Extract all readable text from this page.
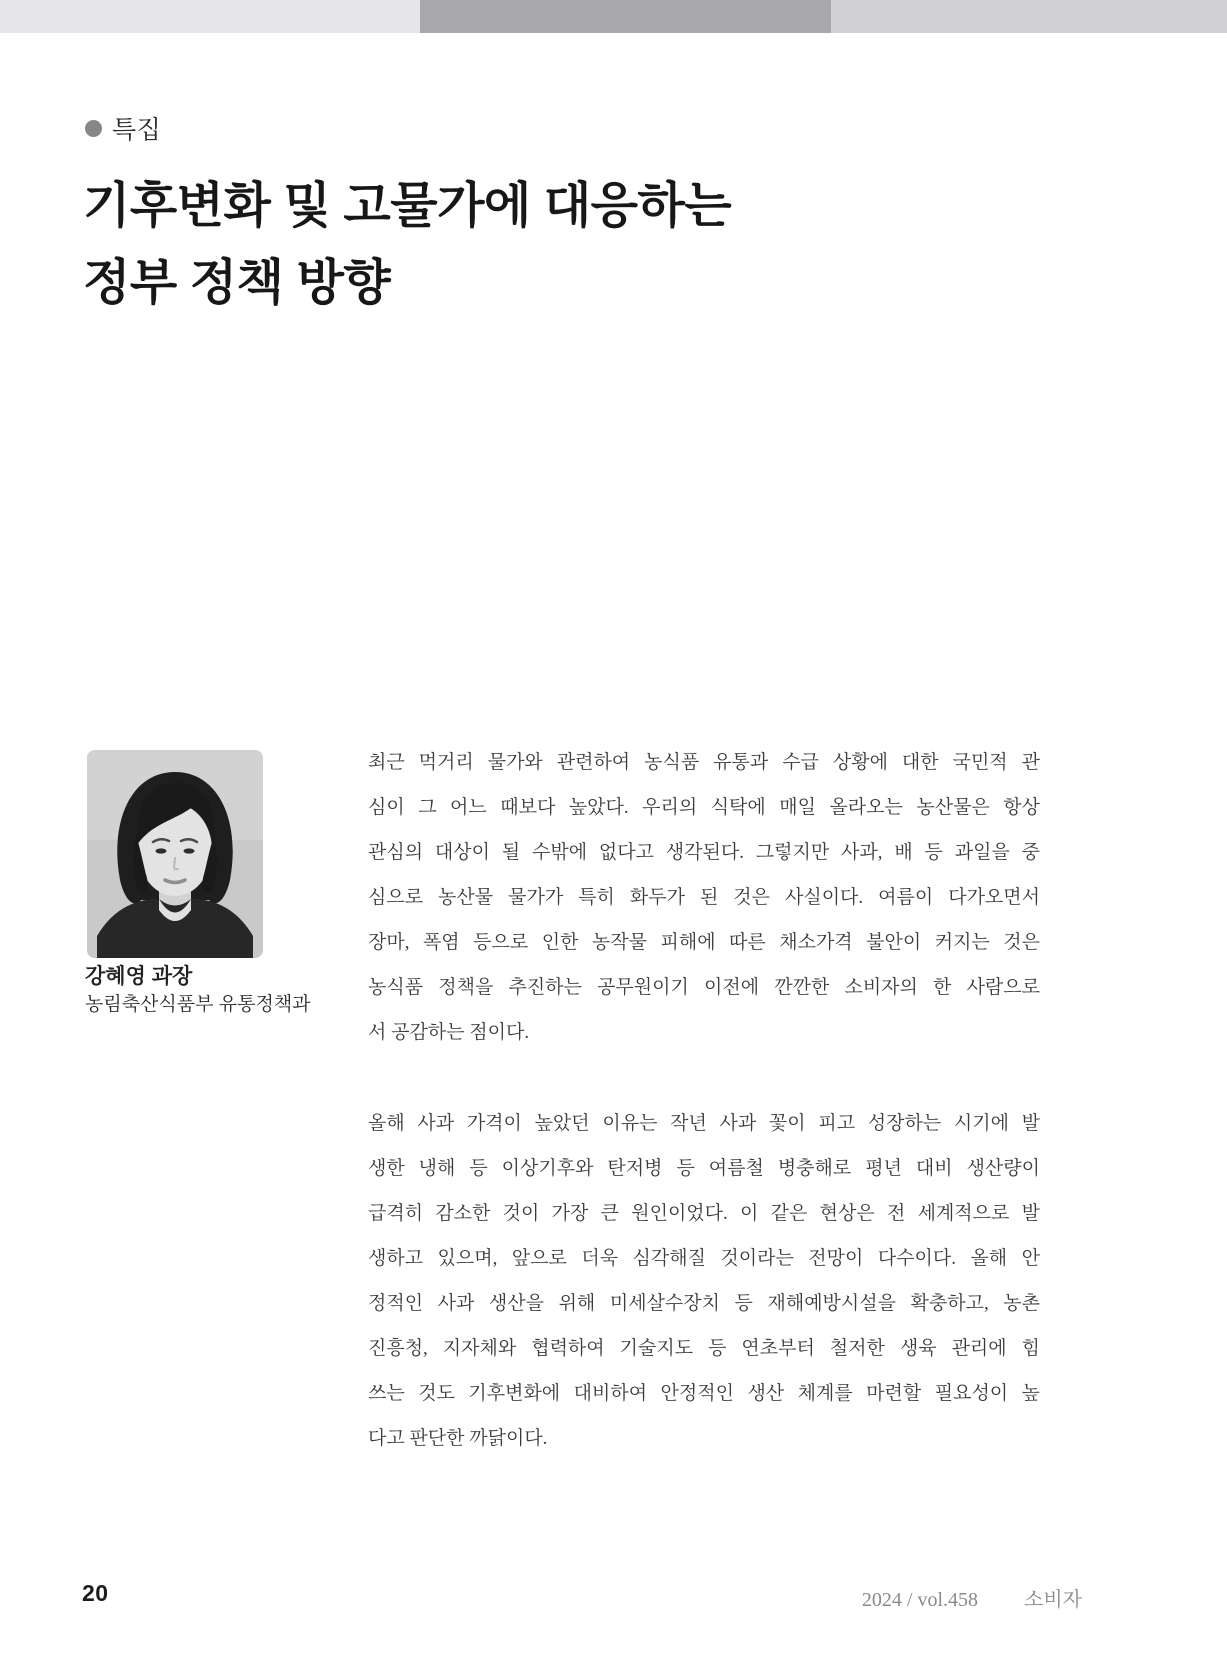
특집
기후변화 및 고물가에 대응하는
정부 정책 방향
강혜영 과장
농림축산식품부 유통정책과
최근 먹거리 물가와 관련하여 농식품 유통과 수급 상황에 대한 국민적 관
심이 그 어느 때보다 높았다. 우리의 식탁에 매일 올라오는 농산물은 항상
관심의 대상이 될 수밖에 없다고 생각된다. 그렇지만 사과, 배 등 과일을 중
심으로 농산물 물가가 특히 화두가 된 것은 사실이다. 여름이 다가오면서
장마, 폭염 등으로 인한 농작물 피해에 따른 채소가격 불안이 커지는 것은
농식품 정책을 추진하는 공무원이기 이전에 깐깐한 소비자의 한 사람으로
서 공감하는 점이다.
올해 사과 가격이 높았던 이유는 작년 사과 꽃이 피고 성장하는 시기에 발
생한 냉해 등 이상기후와 탄저병 등 여름철 병충해로 평년 대비 생산량이
급격히 감소한 것이 가장 큰 원인이었다. 이 같은 현상은 전 세계적으로 발
생하고 있으며, 앞으로 더욱 심각해질 것이라는 전망이 다수이다. 올해 안
정적인 사과 생산을 위해 미세살수장치 등 재해예방시설을 확충하고, 농촌
진흥청, 지자체와 협력하여 기술지도 등 연초부터 철저한 생육 관리에 힘
쓰는 것도 기후변화에 대비하여 안정적인 생산 체계를 마련할 필요성이 높
다고 판단한 까닭이다.
20	2024 / vol.458 소비자
